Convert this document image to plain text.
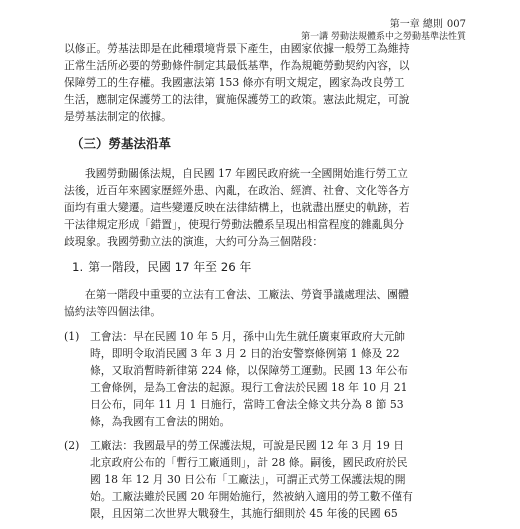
第一章 總則 007
第一講 勞動法規體系中之勞動基準法性質

以修正。勞基法即是在此種環境背景下產生，由國家依據一般勞工為維持正常生活所必要的勞動條件制定其最低基準，作為規範勞動契約內容，以保障勞工的生存權。我國憲法第 153 條亦有明文規定，國家為改良勞工生活，應制定保護勞工的法律，實施保護勞工的政策。憲法此規定，可說是勞基法制定的依據。

（三）勞基法沿革

我國勞動關係法規，自民國 17 年國民政府統一全國開始進行勞工立法後，近百年來國家歷經外患、內亂，在政治、經濟、社會、文化等各方面均有重大變遷。這些變遷反映在法律結構上，也就盡出歷史的軌跡，若干法律規定形成「錯置」，使現行勞動法體系呈現出相當程度的雜亂與分歧現象。我國勞動立法的演進，大約可分為三個階段：

1. 第一階段，民國 17 年至 26 年

在第一階段中重要的立法有工會法、工廠法、勞資爭議處理法、團體協約法等四個法律。

(1) 工會法：早在民國 10 年 5 月，孫中山先生就任廣東軍政府大元帥時，即明令取消民國 3 年 3 月 2 日的治安警察條例第 1 條及 22 條，又取消暫時新律第 224 條，以保障勞工運動。民國 13 年公布工會條例，是為工會法的起源。現行工會法於民國 18 年 10 月 21 日公布，同年 11 月 1 日施行，當時工會法全條文共分為 8 節 53 條，為我國有工會法的開始。
(2) 工廠法：我國最早的勞工保護法規，可說是民國 12 年 3 月 19 日北京政府公布的「暫行工廠通則」，計 28 條。嗣後，國民政府於民國 18 年 12 月 30 日公布「工廠法」，可謂正式勞工保護法規的開始。工廠法雖於民國 20 年開始施行，然被納入適用的勞工數不僅有限，且因第二次世界大戰發生，其施行細則於 45 年後的民國 65
